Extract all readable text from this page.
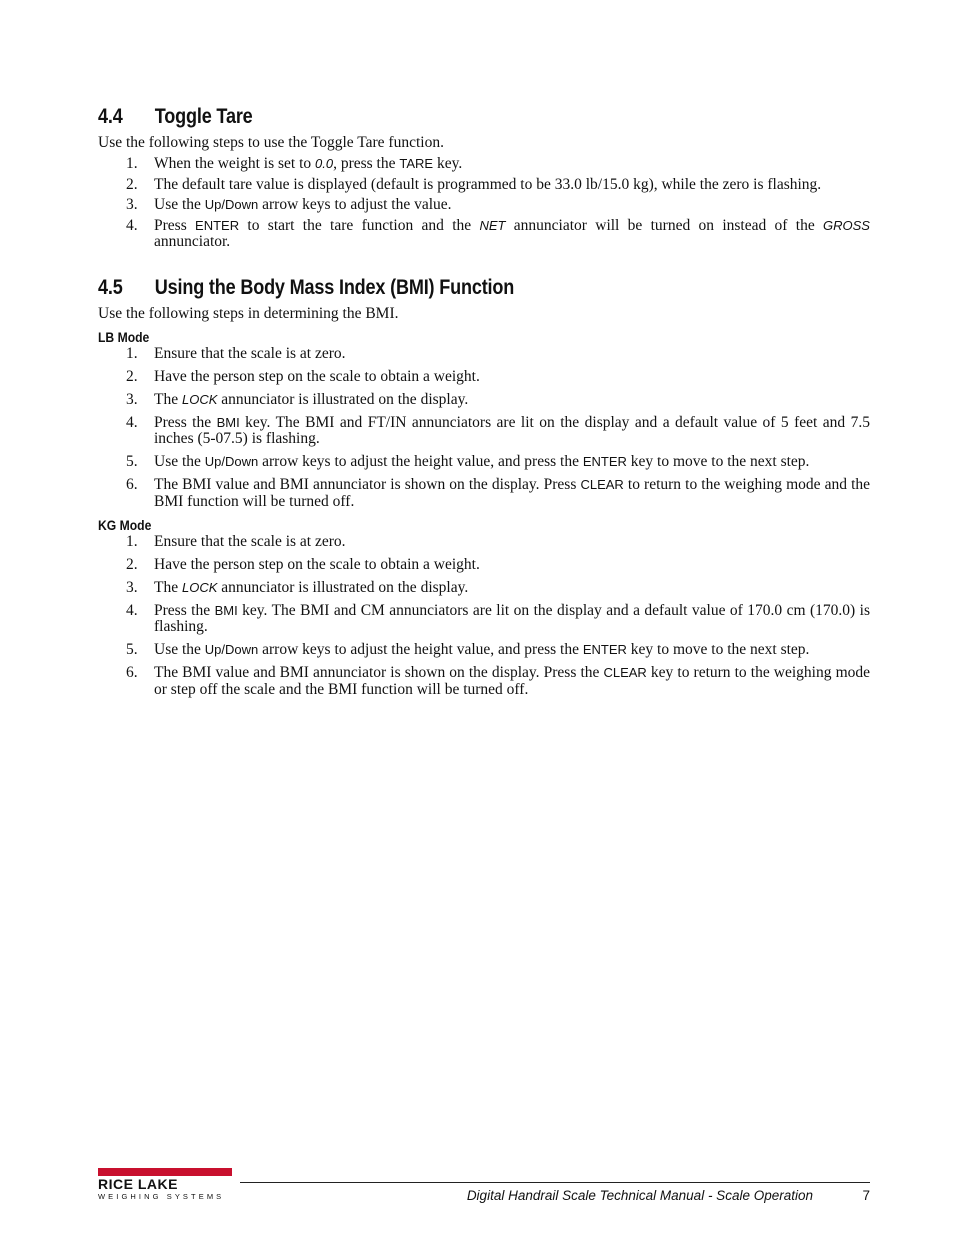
4.4 Toggle Tare

Use the following steps to use the Toggle Tare function.

1. When the weight is set to 0.0, press the TARE key.
2. The default tare value is displayed (default is programmed to be 33.0 lb/15.0 kg), while the zero is flashing.
3. Use the Up/Down arrow keys to adjust the value.
4. Press ENTER to start the tare function and the NET annunciator will be turned on instead of the GROSS annunciator.
4.5 Using the Body Mass Index (BMI) Function

Use the following steps in determining the BMI.

LB Mode
1. Ensure that the scale is at zero.
2. Have the person step on the scale to obtain a weight.
3. The LOCK annunciator is illustrated on the display.
4. Press the BMI key. The BMI and FT/IN annunciators are lit on the display and a default value of 5 feet and 7.5 inches (5-07.5) is flashing.
5. Use the Up/Down arrow keys to adjust the height value, and press the ENTER key to move to the next step.
6. The BMI value and BMI annunciator is shown on the display. Press CLEAR to return to the weighing mode and the BMI function will be turned off.
KG Mode
1. Ensure that the scale is at zero.
2. Have the person step on the scale to obtain a weight.
3. The LOCK annunciator is illustrated on the display.
4. Press the BMI key. The BMI and CM annunciators are lit on the display and a default value of 170.0 cm (170.0) is flashing.
5. Use the Up/Down arrow keys to adjust the height value, and press the ENTER key to move to the next step.
6. The BMI value and BMI annunciator is shown on the display. Press the CLEAR key to return to the weighing mode or step off the scale and the BMI function will be turned off.
RICE LAKE
WEIGHING SYSTEMS	Digital Handrail Scale Technical Manual - Scale Operation	7
